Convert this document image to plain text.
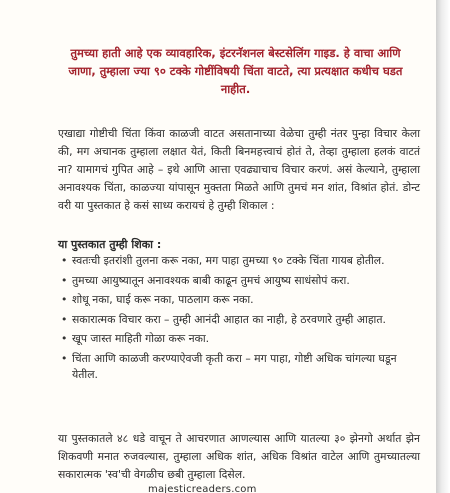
तुमच्या हाती आहे एक व्यावहारिक, इंटरनॅशनल बेस्टसेलिंग गाइड. हे वाचा आणि जाणा, तुम्हाला ज्या ९० टक्के गोष्टींविषयी चिंता वाटते, त्या प्रत्यक्षात कधीच घडत नाहीत.

एखाद्या गोष्टीची चिंता किंवा काळजी वाटत असतानाच्या वेळेचा तुम्ही नंतर पुन्हा विचार केला की, मग अचानक तुम्हाला लक्षात येतं, किती बिनमहत्त्वाचं होतं ते, तेव्हा तुम्हाला हलकं वाटतं ना? यामागचं गुपित आहे – इथे आणि आत्ता एवढ्याचाच विचार करणं. असं केल्याने, तुम्हाला अनावश्यक चिंता, काळज्या यांपासून मुक्तता मिळते आणि तुमचं मन शांत, विश्रांत होतं. डोन्ट वरी या पुस्तकात हे कसं साध्य करायचं हे तुम्ही शिकाल :

या पुस्तकात तुम्ही शिका :

• स्वतःची इतरांशी तुलना करू नका, मग पाहा तुमच्या ९० टक्के चिंता गायब होतील.
• तुमच्या आयुष्यातून अनावश्यक बाबी काढून तुमचं आयुष्य साधंसोपं करा.
• शोधू नका, घाई करू नका, पाठलाग करू नका.
• सकारात्मक विचार करा – तुम्ही आनंदी आहात का नाही, हे ठरवणारे तुम्ही आहात.
• खूप जास्त माहिती गोळा करू नका.
• चिंता आणि काळजी करण्याऐवजी कृती करा – मग पाहा, गोष्टी अधिक चांगल्या घडून येतील.

या पुस्तकातले ४८ धडे वाचून ते आचरणात आणल्यास आणि यातल्या ३० झेनगो अर्थात झेन शिकवणी मनात रुजवल्यास, तुम्हाला अधिक शांत, अधिक विश्रांत वाटेल आणि तुमच्यातल्या सकारात्मक 'स्व'ची वेगळीच छबी तुम्हाला दिसेल.

majesticreaders.com
